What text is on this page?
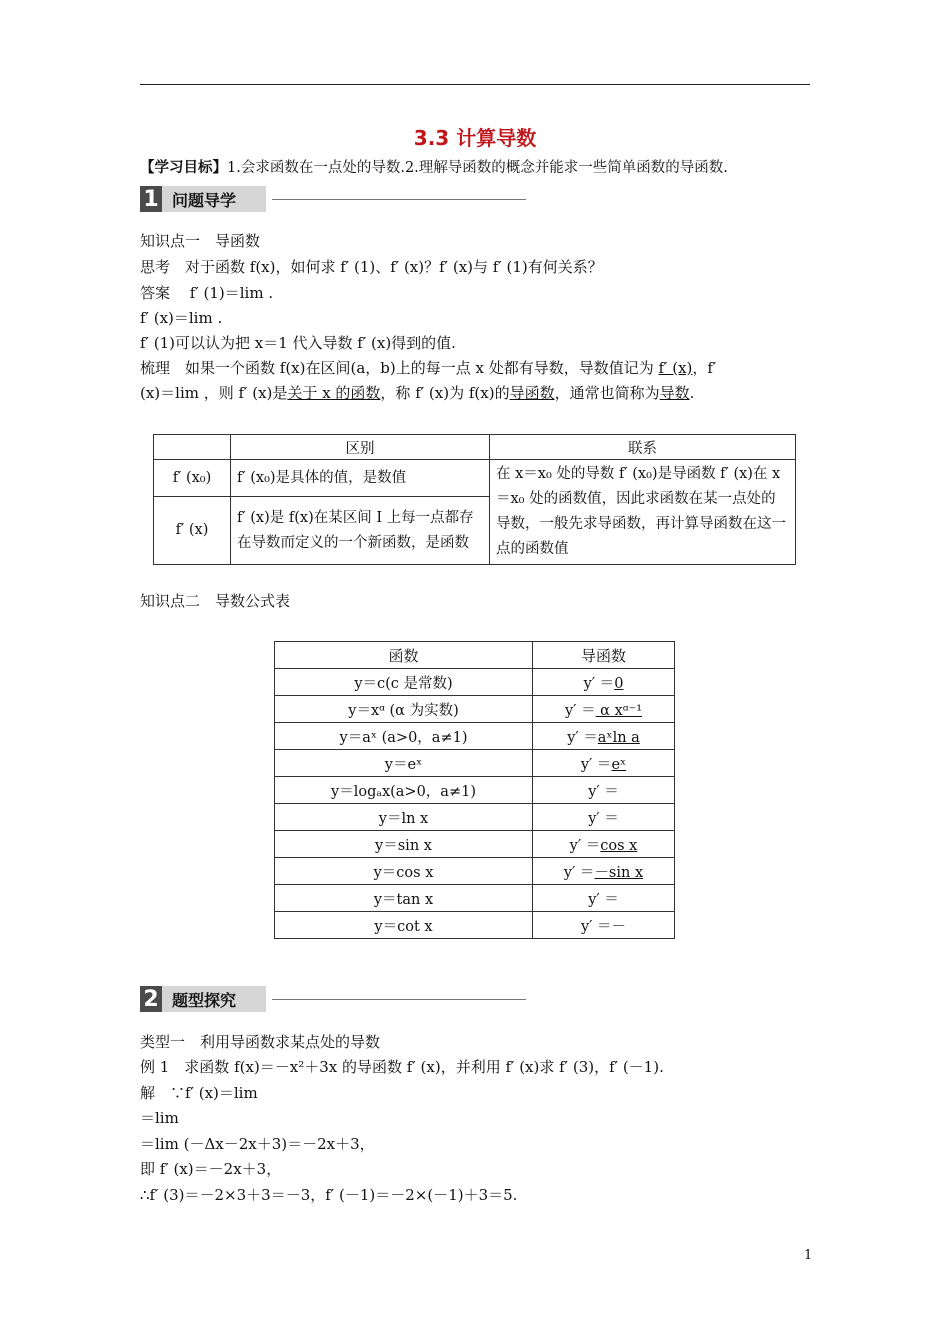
3.3 计算导数
【学习目标】1.会求函数在一点处的导数.2.理解导函数的概念并能求一些简单函数的导函数.
1 问题导学
知识点一　导函数
思考　对于函数 f(x)，如何求 f′ (1)、f′ (x)？f′ (x)与 f′ (1)有何关系？
答案　 f′ (1)＝lim .
f′ (x)＝lim .
f′ (1)可以认为把 x＝1 代入导数 f′ (x)得到的值.
梳理　如果一个函数 f(x)在区间(a，b)上的每一点 x 处都有导数，导数值记为 f′ (x)，f′
(x)＝lim ，则 f′ (x)是关于 x 的函数，称 f′ (x)为 f(x)的导函数，通常也简称为导数.
	区别	联系
f′ (x₀)	f′ (x₀)是具体的值，是数值	在 x＝x₀ 处的导数 f′ (x₀)是导函数 f′ (x)在 x＝x₀ 处的函数值，因此求函数在某一点处的导数，一般先求导函数，再计算导函数在这一点的函数值
f′ (x)	f′ (x)是 f(x)在某区间 I 上每一点都存在导数而定义的一个新函数，是函数	
知识点二　导数公式表
函数	导函数
y＝c(c 是常数)	y′ ＝0
y＝xᵅ (α 为实数)	y′ ＝ α xᵅ⁻¹
y＝aˣ (a>0，a≠1)	y′ ＝aˣln a
y＝eˣ	y′ ＝eˣ
y＝logₐx(a>0，a≠1)	y′ ＝
y＝ln x	y′ ＝
y＝sin x	y′ ＝cos x
y＝cos x	y′ ＝－sin x
y＝tan x	y′ ＝
y＝cot x	y′ ＝－
2 题型探究
类型一　利用导函数求某点处的导数
例 1　求函数 f(x)＝－x²＋3x 的导函数 f′ (x)，并利用 f′ (x)求 f′ (3)，f′ (－1).
解　∵f′ (x)＝lim
＝lim
＝lim (－Δx－2x＋3)＝－2x＋3，
即 f′ (x)＝－2x＋3，
∴f′ (3)＝－2×3＋3＝－3，f′ (－1)＝－2×(－1)＋3＝5.
1
